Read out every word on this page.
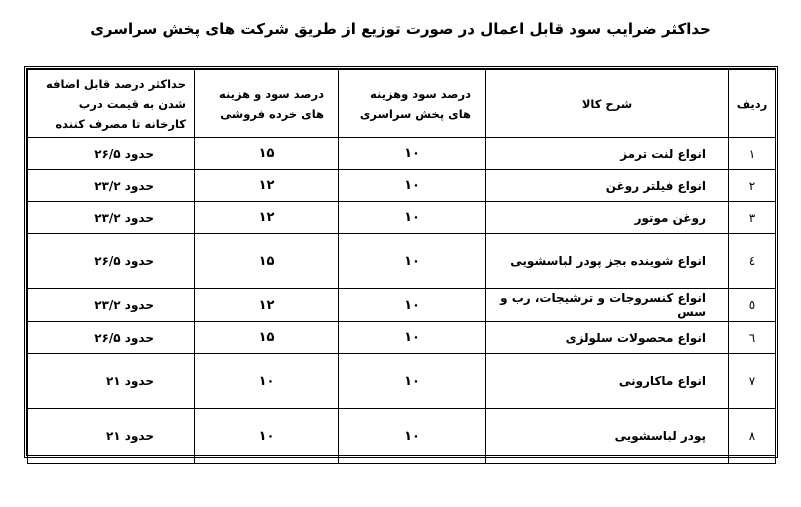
حداکثر ضرایب سود قابل اعمال در صورت توزیع از طریق شرکت های پخش سراسری
ردیف	شرح کالا	درصد سود وهزینه های پخش سراسری	درصد سود و هزینه های خرده فروشی	حداکثر درصد قابل اضافه شدن به قیمت درب کارخانه تا مصرف کننده
۱	انواع لنت ترمز	۱۰	۱۵	حدود ۲۶/۵
۲	انواع فیلتر روغن	۱۰	۱۲	حدود ۲۳/۲
۳	روغن موتور	۱۰	۱۲	حدود ۲۳/۲
٤	انواع شوینده بجز پودر لباسشویی	۱۰	۱۵	حدود ۲۶/۵
٥	انواع کنسروجات و ترشیجات، رب و سس	۱۰	۱۲	حدود ۲۳/۲
٦	انواع محصولات سلولزی	۱۰	۱۵	حدود ۲۶/۵
۷	انواع ماکارونی	۱۰	۱۰	حدود ۲۱
۸	پودر لباسشویی	۱۰	۱۰	حدود ۲۱
